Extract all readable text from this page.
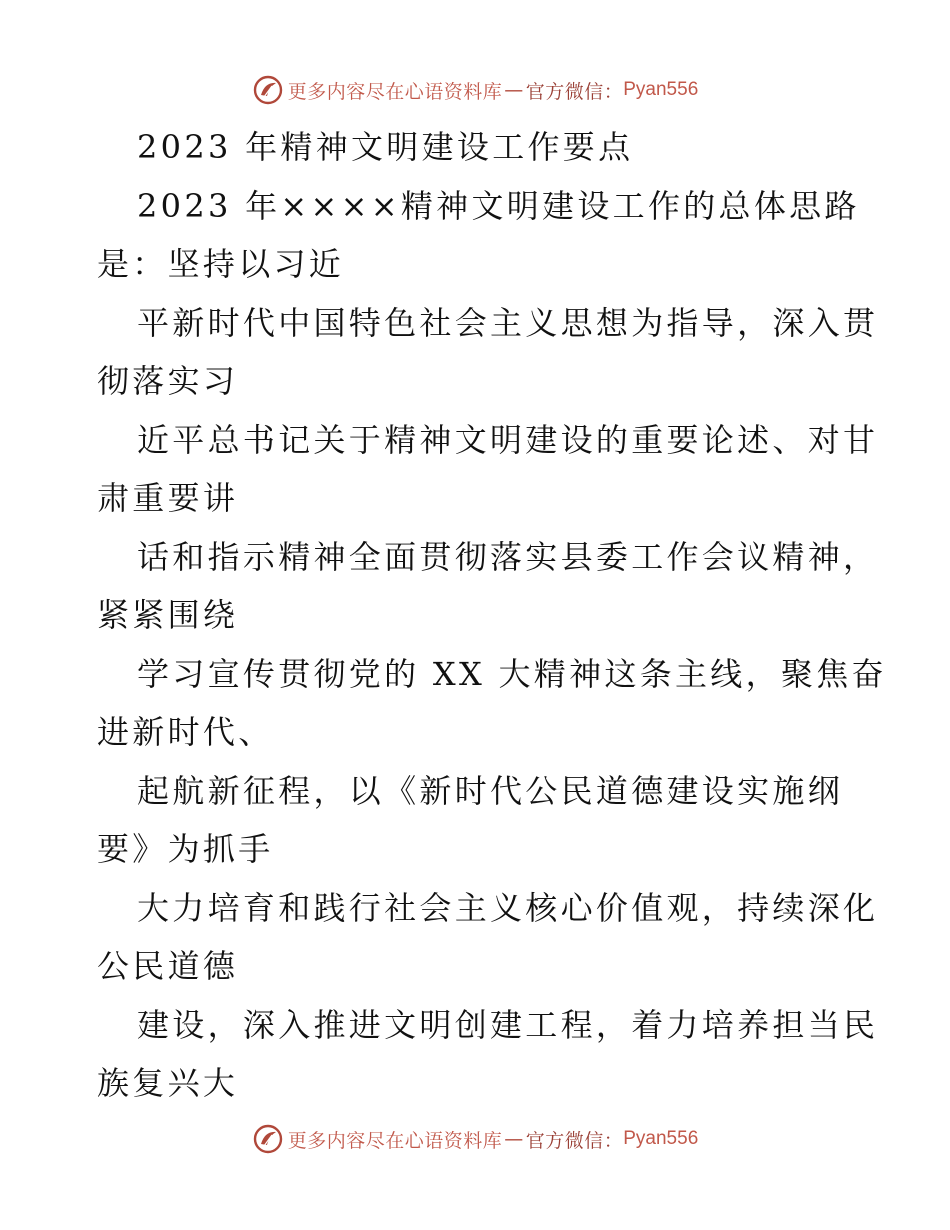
更多内容尽在心语资料库 — 官方微信： Pyan556
2023 年精神文明建设工作要点
2023 年××××精神文明建设工作的总体思路
是：坚持以习近
平新时代中国特色社会主义思想为指导，深入贯
彻落实习
近平总书记关于精神文明建设的重要论述、对甘
肃重要讲
话和指示精神全面贯彻落实县委工作会议精神，
紧紧围绕
学习宣传贯彻党的 XX 大精神这条主线，聚焦奋
进新时代、
起航新征程，以《新时代公民道德建设实施纲
要》为抓手
大力培育和践行社会主义核心价值观，持续深化
公民道德
建设，深入推进文明创建工程，着力培养担当民
族复兴大
更多内容尽在心语资料库 — 官方微信： Pyan556
